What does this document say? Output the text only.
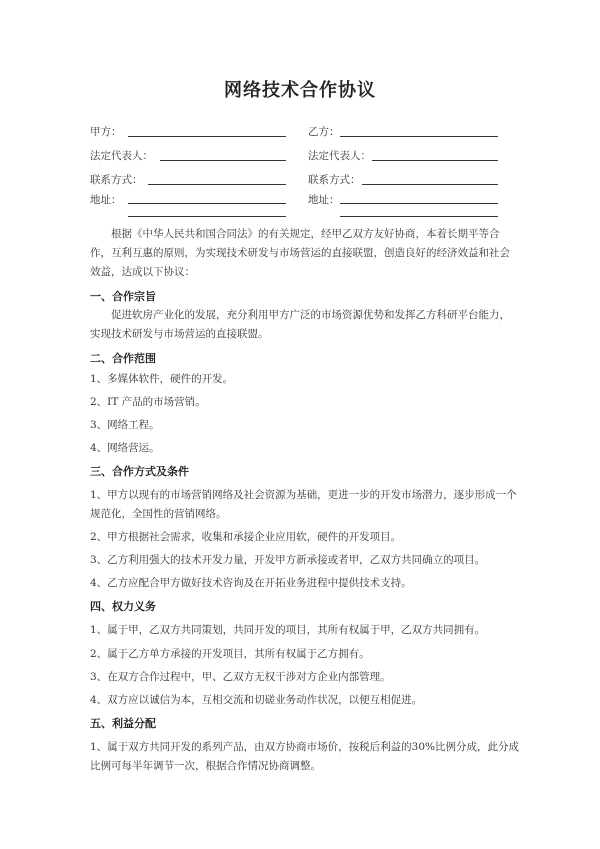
网络技术合作协议
甲方：	乙方：
法定代表人：	法定代表人：
联系方式：	联系方式：
地址：	地址：
根据《中华人民共和国合同法》的有关规定，经甲乙双方友好协商，本着长期平等合作，互利互惠的原则，为实现技术研发与市场营运的直接联盟，创造良好的经济效益和社会效益，达成以下协议：
一、合作宗旨
促进软房产业化的发展，充分利用甲方广泛的市场资源优势和发挥乙方科研平台能力，实现技术研发与市场营运的直接联盟。
二、合作范围
1、多媒体软件，硬件的开发。
2、IT 产品的市场营销。
3、网络工程。
4、网络营运。
三、合作方式及条件
1、甲方以现有的市场营销网络及社会资源为基础，更进一步的开发市场潜力，逐步形成一个规范化，全国性的营销网络。
2、甲方根据社会需求，收集和承接企业应用软，硬件的开发项目。
3、乙方利用强大的技术开发力量，开发甲方新承接或者甲，乙双方共同确立的项目。
4、乙方应配合甲方做好技术咨询及在开拓业务进程中提供技术支持。
四、权力义务
1、属于甲，乙双方共同策划，共同开发的项目，其所有权属于甲，乙双方共同拥有。
2、属于乙方单方承接的开发项目，其所有权属于乙方拥有。
3、在双方合作过程中，甲、乙双方无权干涉对方企业内部管理。
4、双方应以诚信为本，互相交流和切磋业务动作状况，以便互相促进。
五、利益分配
1、属于双方共同开发的系列产品，由双方协商市场价，按税后利益的30%比例分成，此分成比例可每半年调节一次，根据合作情况协商调整。
